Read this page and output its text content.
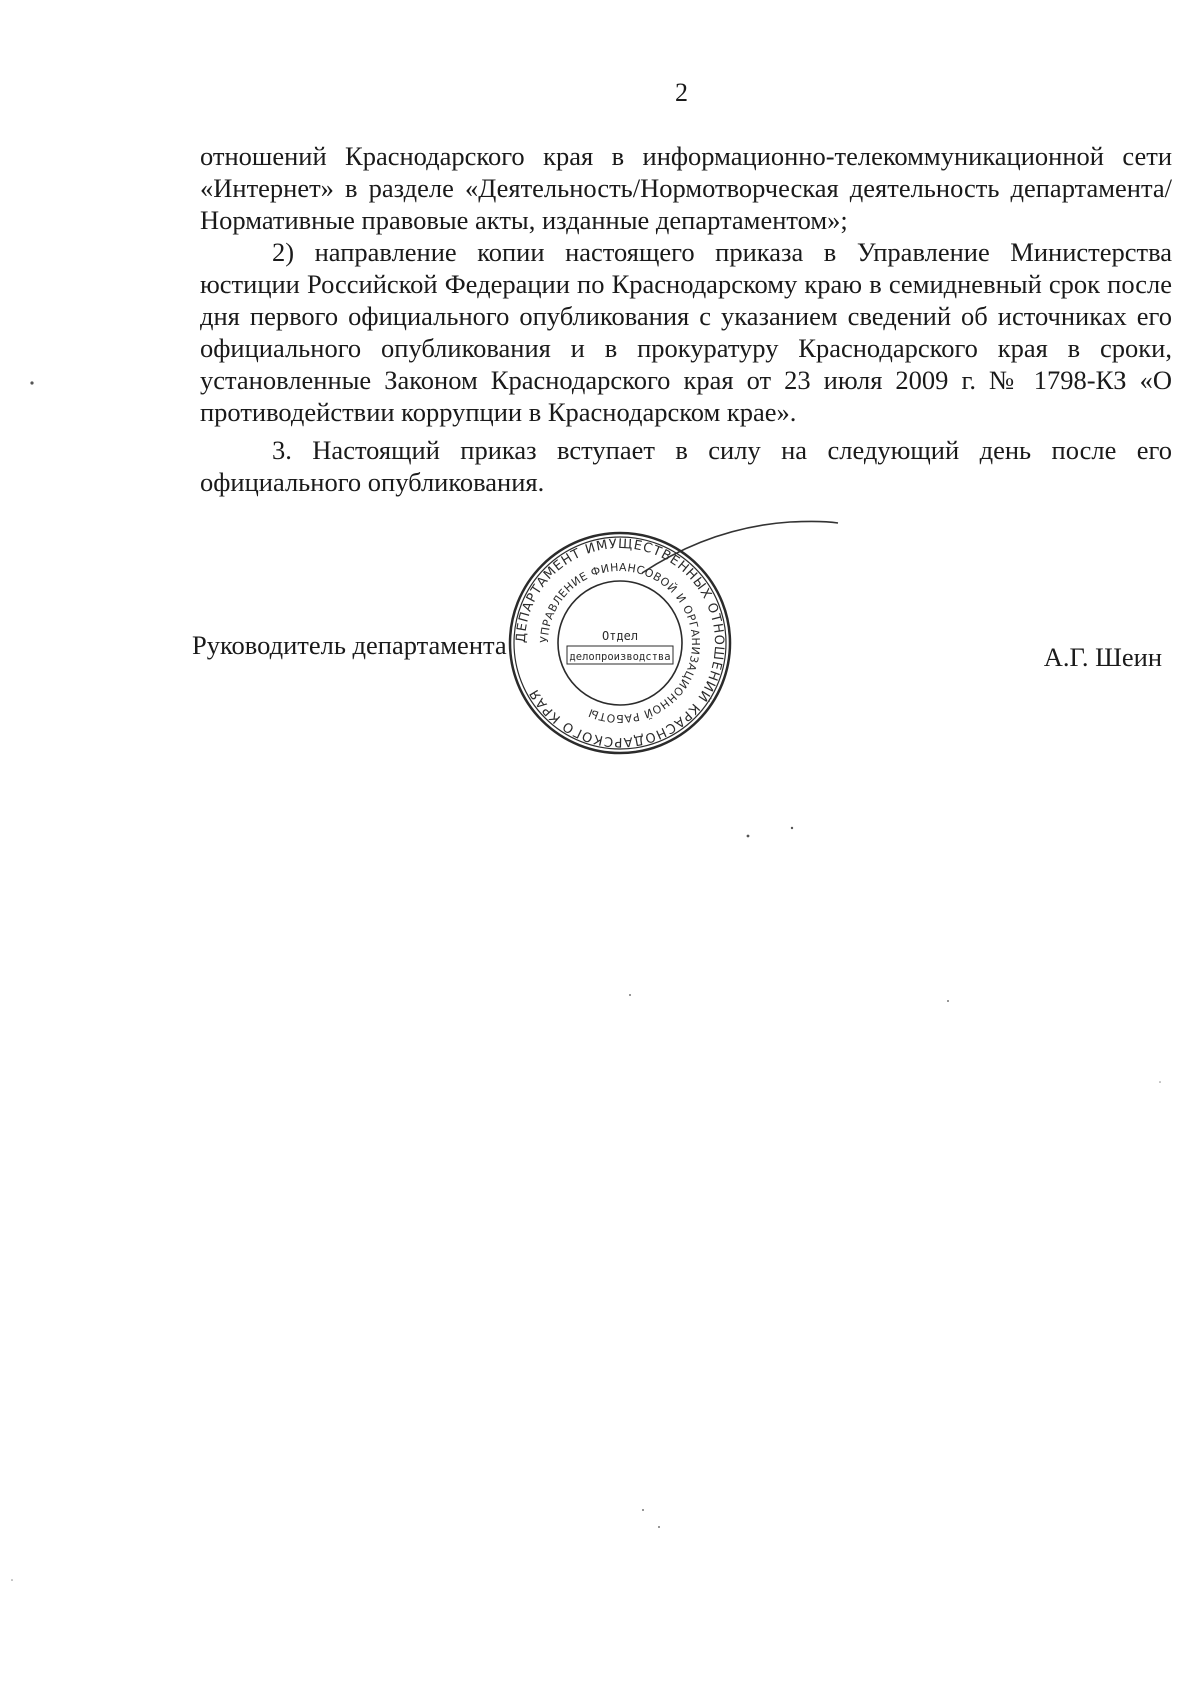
2

отношений Краснодарского края в информационно-телекоммуникационной сети «Интернет» в разделе «Деятельность/Нормотворческая деятельность департамента/Нормативные правовые акты, изданные департаментом»;

2) направление копии настоящего приказа в Управление Министерства юстиции Российской Федерации по Краснодарскому краю в семидневный срок после дня первого официального опубликования с указанием сведений об источниках его официального опубликования и в прокуратуру Краснодарского края в сроки, установленные Законом Краснодарского края от 23 июля 2009 г. № 1798-КЗ «О противодействии коррупции в Краснодарском крае».

3. Настоящий приказ вступает в силу на следующий день после его официального опубликования.

Руководитель департамента	А.Г. Шеин
ДЕПАРТАМЕНТ ИМУЩЕСТВЕННЫХ ОТНОШЕНИЙ КРАСНОДАРСКОГО КРАЯ
УПРАВЛЕНИЕ ФИНАНСОВОЙ И ОРГАНИЗАЦИОННОЙ РАБОТЫ
Отдел
делопроизводства
